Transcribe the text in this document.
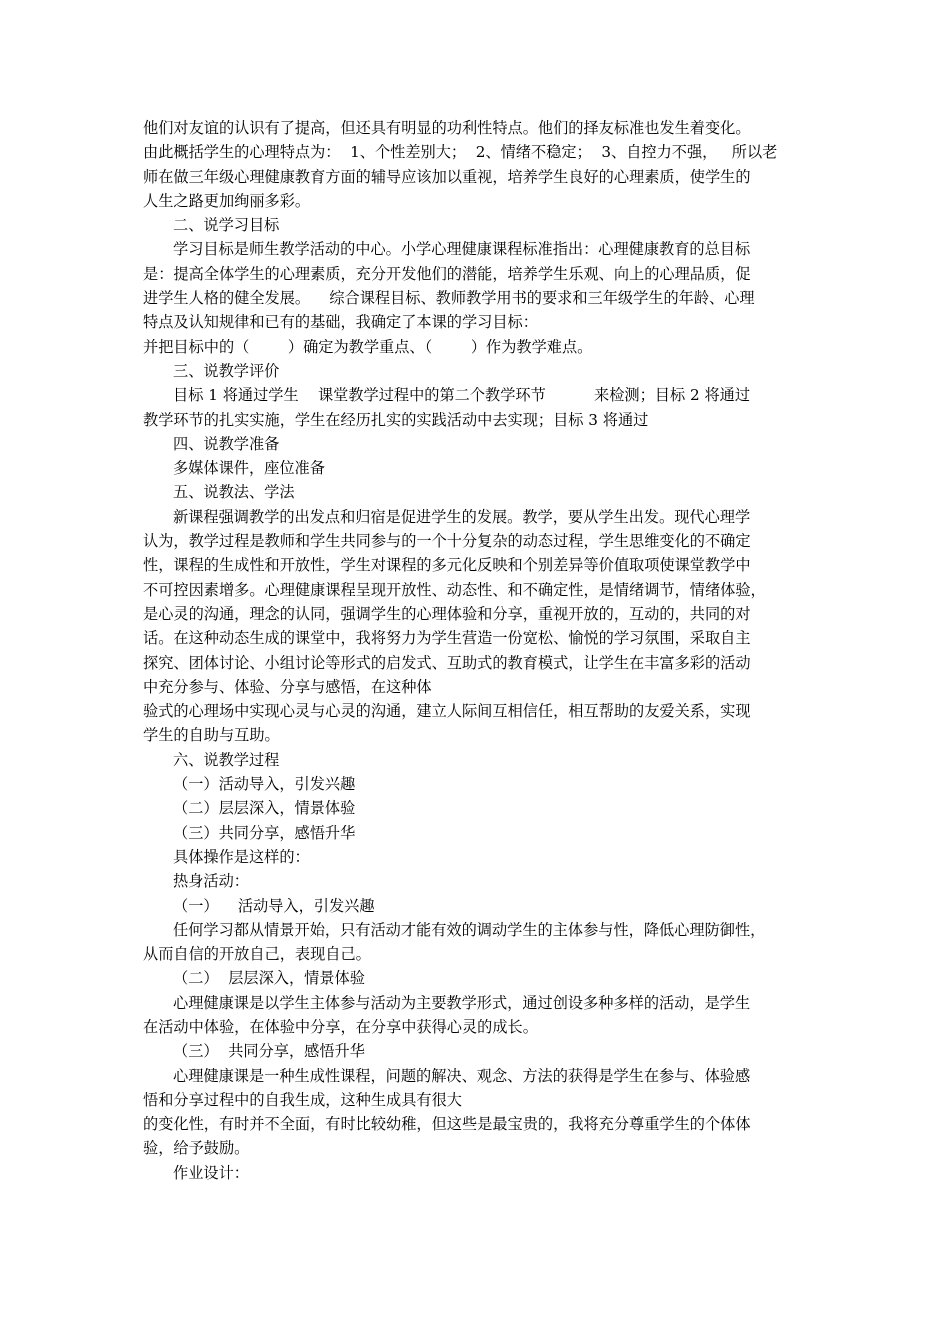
他们对友谊的认识有了提高，但还具有明显的功利性特点。他们的择友标准也发生着变化。
由此概括学生的心理特点为：  1、个性差别大；  2、情绪不稳定；  3、自控力不强，   所以老
师在做三年级心理健康教育方面的辅导应该加以重视，培养学生良好的心理素质，使学生的
人生之路更加绚丽多彩。
二、说学习目标
学习目标是师生教学活动的中心。小学心理健康课程标准指出：心理健康教育的总目标
是：提高全体学生的心理素质，充分开发他们的潜能，培养学生乐观、向上的心理品质，促
进学生人格的健全发展。    综合课程目标、教师教学用书的要求和三年级学生的年龄、心理
特点及认知规律和已有的基础，我确定了本课的学习目标：
并把目标中的（        ）确定为教学重点、（        ）作为教学难点。
三、说教学评价
目标 1 将通过学生    课堂教学过程中的第二个教学环节          来检测；目标 2 将通过
教学环节的扎实实施，学生在经历扎实的实践活动中去实现；目标 3 将通过
四、说教学准备
多媒体课件，座位准备
五、说教法、学法
新课程强调教学的出发点和归宿是促进学生的发展。教学，要从学生出发。现代心理学
认为，教学过程是教师和学生共同参与的一个十分复杂的动态过程，学生思维变化的不确定
性，课程的生成性和开放性，学生对课程的多元化反映和个别差异等价值取项使课堂教学中
不可控因素增多。心理健康课程呈现开放性、动态性、和不确定性，是情绪调节，情绪体验，
是心灵的沟通，理念的认同，强调学生的心理体验和分享，重视开放的，互动的，共同的对
话。在这种动态生成的课堂中，我将努力为学生营造一份宽松、愉悦的学习氛围，采取自主
探究、团体讨论、小组讨论等形式的启发式、互助式的教育模式，让学生在丰富多彩的活动
中充分参与、体验、分享与感悟，在这种体
验式的心理场中实现心灵与心灵的沟通，建立人际间互相信任，相互帮助的友爱关系，实现
学生的自助与互助。
六、说教学过程
（一）活动导入，引发兴趣
（二）层层深入，情景体验
（三）共同分享，感悟升华
具体操作是这样的：
热身活动：
（一）    活动导入，引发兴趣
任何学习都从情景开始，只有活动才能有效的调动学生的主体参与性，降低心理防御性，
从而自信的开放自己，表现自己。
（二）  层层深入，情景体验
心理健康课是以学生主体参与活动为主要教学形式，通过创设多种多样的活动，是学生
在活动中体验，在体验中分享，在分享中获得心灵的成长。
（三）  共同分享，感悟升华
心理健康课是一种生成性课程，问题的解决、观念、方法的获得是学生在参与、体验感
悟和分享过程中的自我生成，这种生成具有很大
的变化性，有时并不全面，有时比较幼稚，但这些是最宝贵的，我将充分尊重学生的个体体
验，给予鼓励。
作业设计：
